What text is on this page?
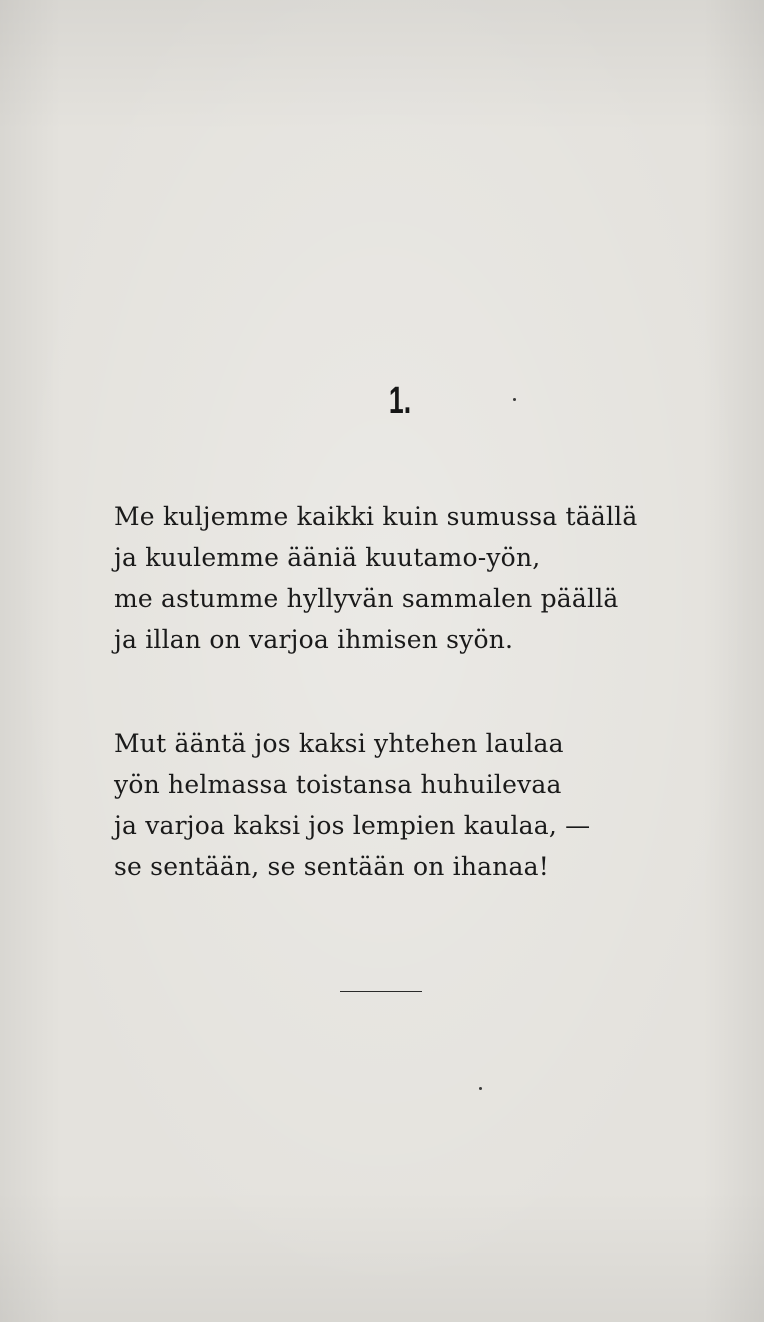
1.
Me kuljemme kaikki kuin sumussa täällä
ja kuulemme ääniä kuutamo-yön,
me astumme hyllyvän sammalen päällä
ja illan on varjoa ihmisen syön.
Mut ääntä jos kaksi yhtehen laulaa
yön helmassa toistansa huhuilevaa
ja varjoa kaksi jos lempien kaulaa, —
se sentään, se sentään on ihanaa!
